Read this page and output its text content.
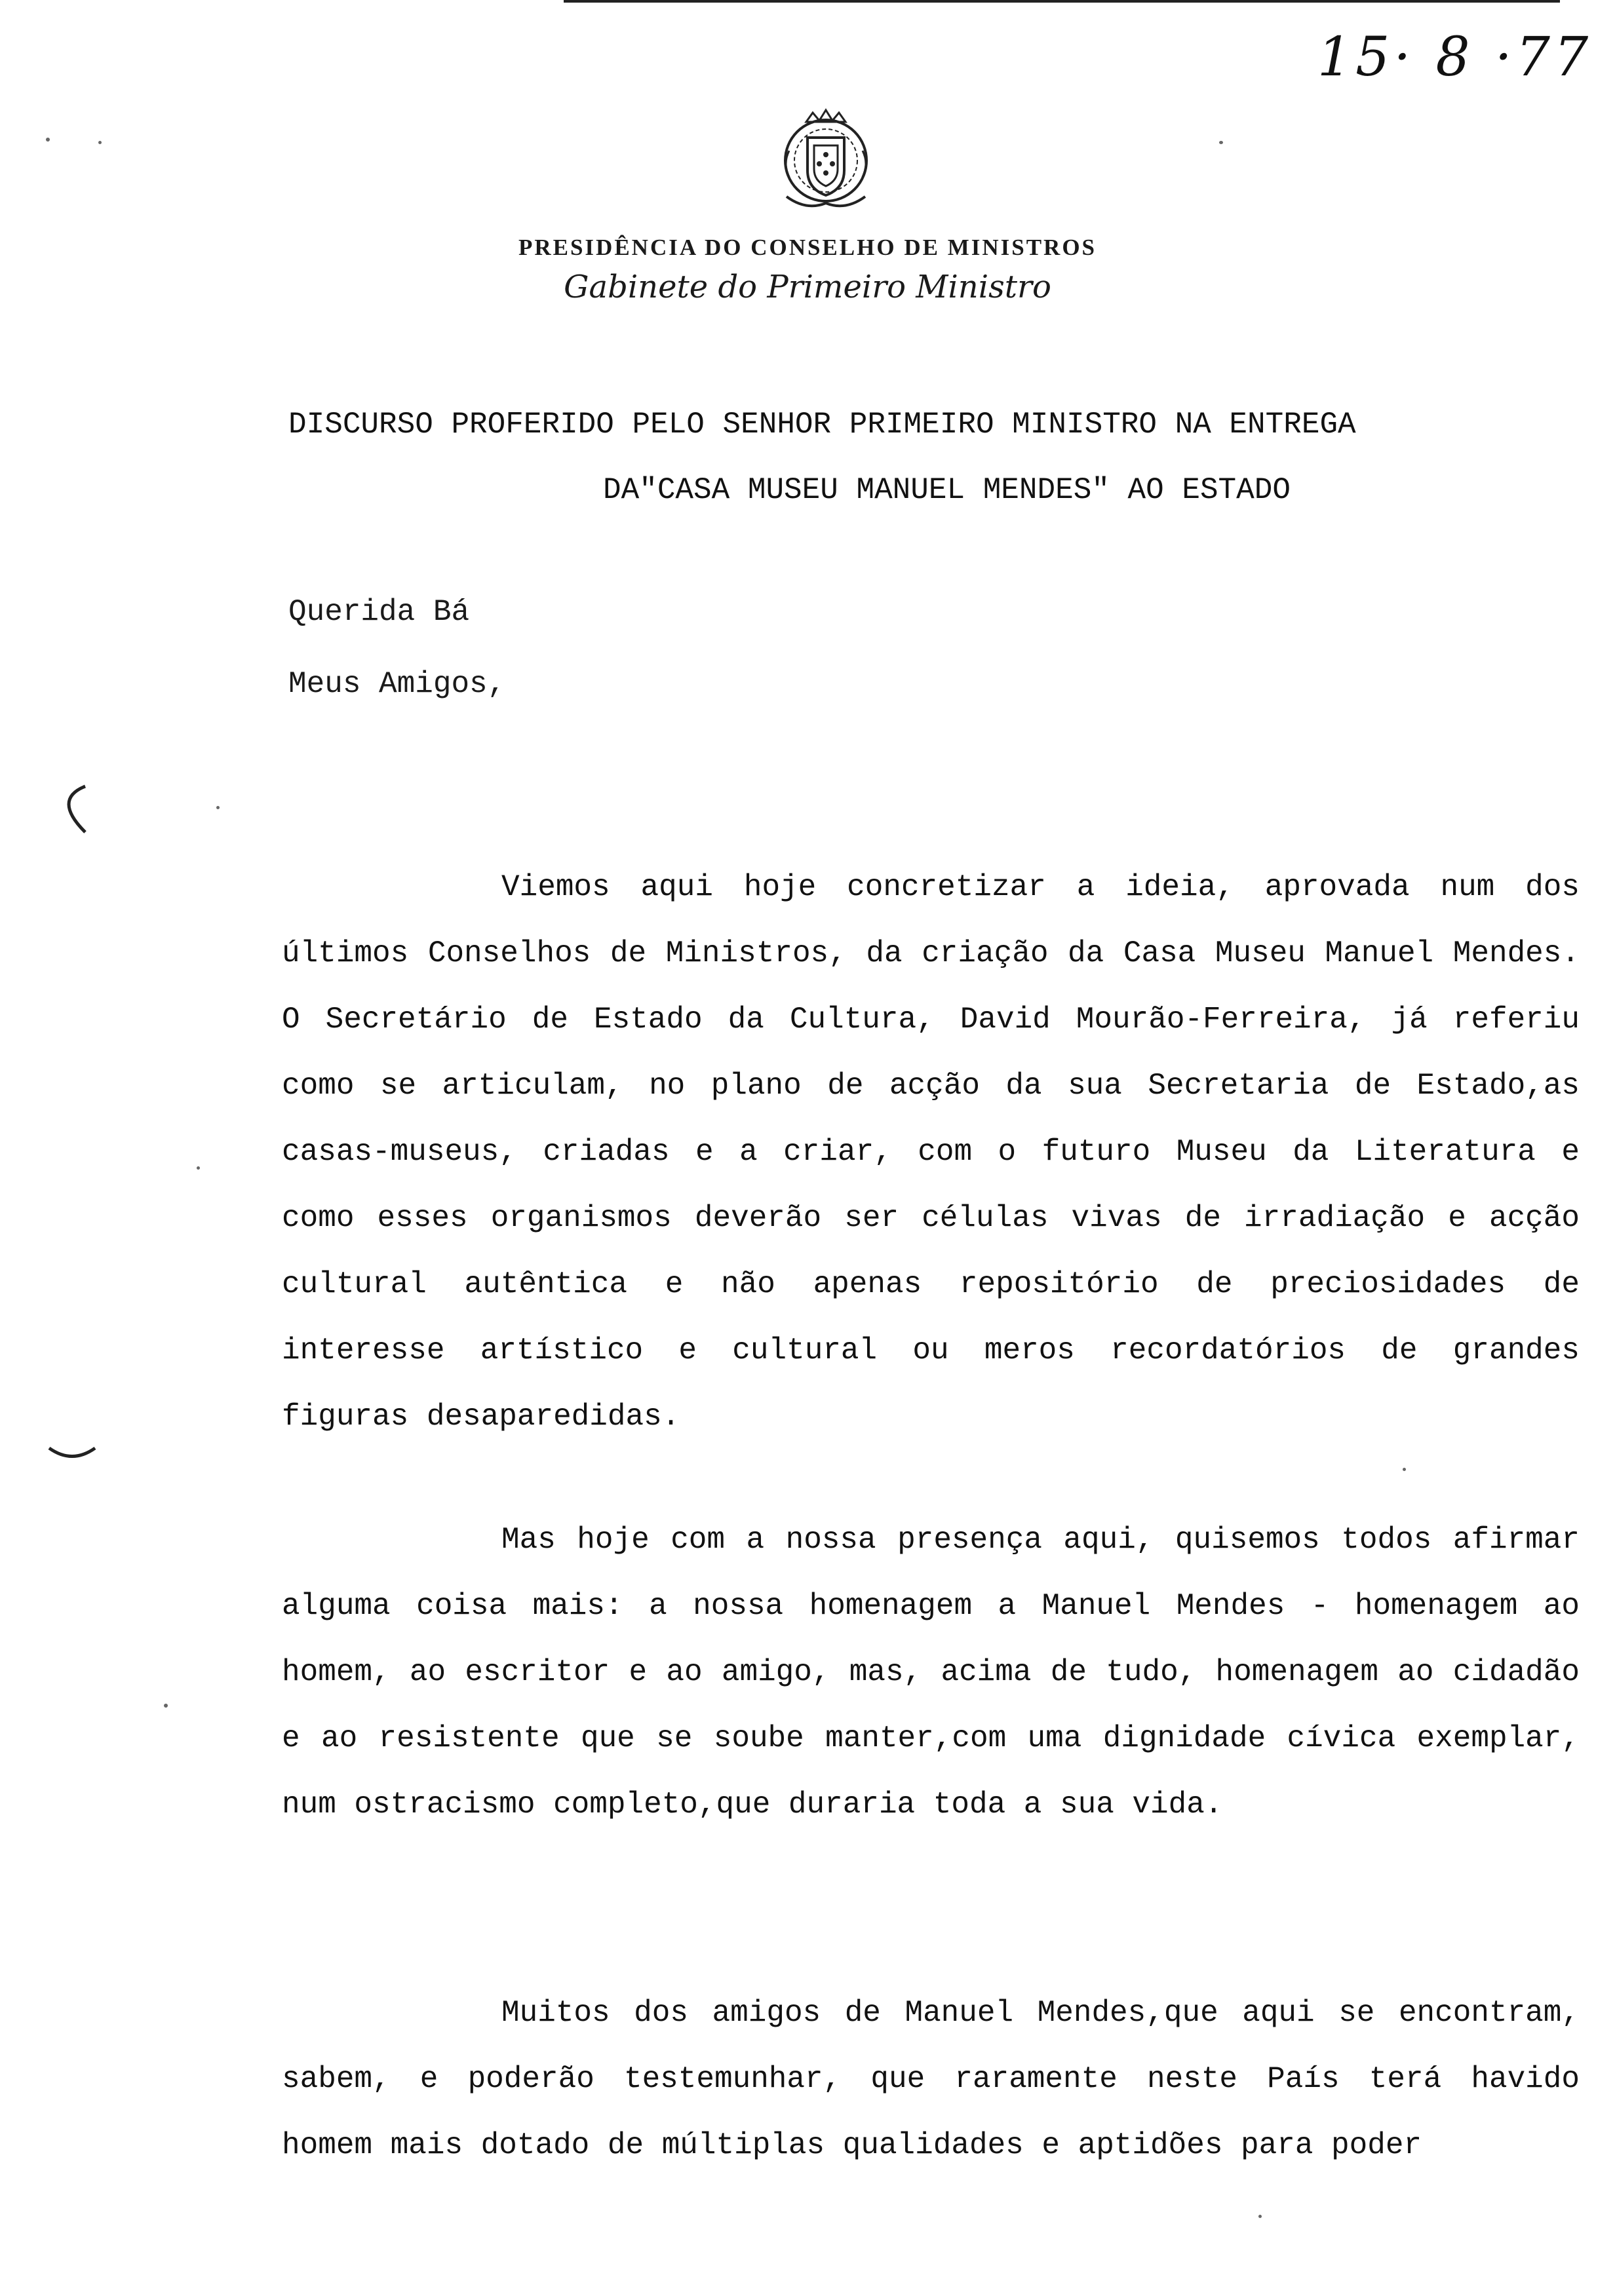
15· 8 ·77
PRESIDÊNCIA DO CONSELHO DE MINISTROS
Gabinete do Primeiro Ministro
DISCURSO PROFERIDO PELO SENHOR PRIMEIRO MINISTRO NA ENTREGA
DA"CASA MUSEU MANUEL MENDES" AO ESTADO
Querida Bá
Meus Amigos,
Viemos aqui hoje concretizar a ideia, aprovada num dos últimos Conselhos de Ministros, da criação da Casa Museu Manuel Mendes. O Secretário de Estado da Cultura, David Mourão-Ferreira, já referiu como se articulam, no plano de acção da sua Secretaria de Estado,as casas-museus, criadas e a criar, com o futuro Museu da Literatura e como esses organismos deverão ser células vivas de irradiação e acção cultural autêntica e não apenas repositório de preciosidades de interesse artístico e cultural ou meros recordatórios de grandes figuras desaparedidas.
Mas hoje com a nossa presença aqui, quisemos todos afirmar alguma coisa mais: a nossa homenagem a Manuel Mendes - homenagem ao homem, ao escritor e ao amigo, mas, acima de tudo, homenagem ao cidadão e ao resistente que se soube manter,com uma dignidade cívica exemplar, num ostracismo completo,que duraria toda a sua vida.
Muitos dos amigos de Manuel Mendes,que aqui se encontram, sabem, e poderão testemunhar, que raramente neste País terá havido homem mais dotado de múltiplas qualidades e aptidões para poder
